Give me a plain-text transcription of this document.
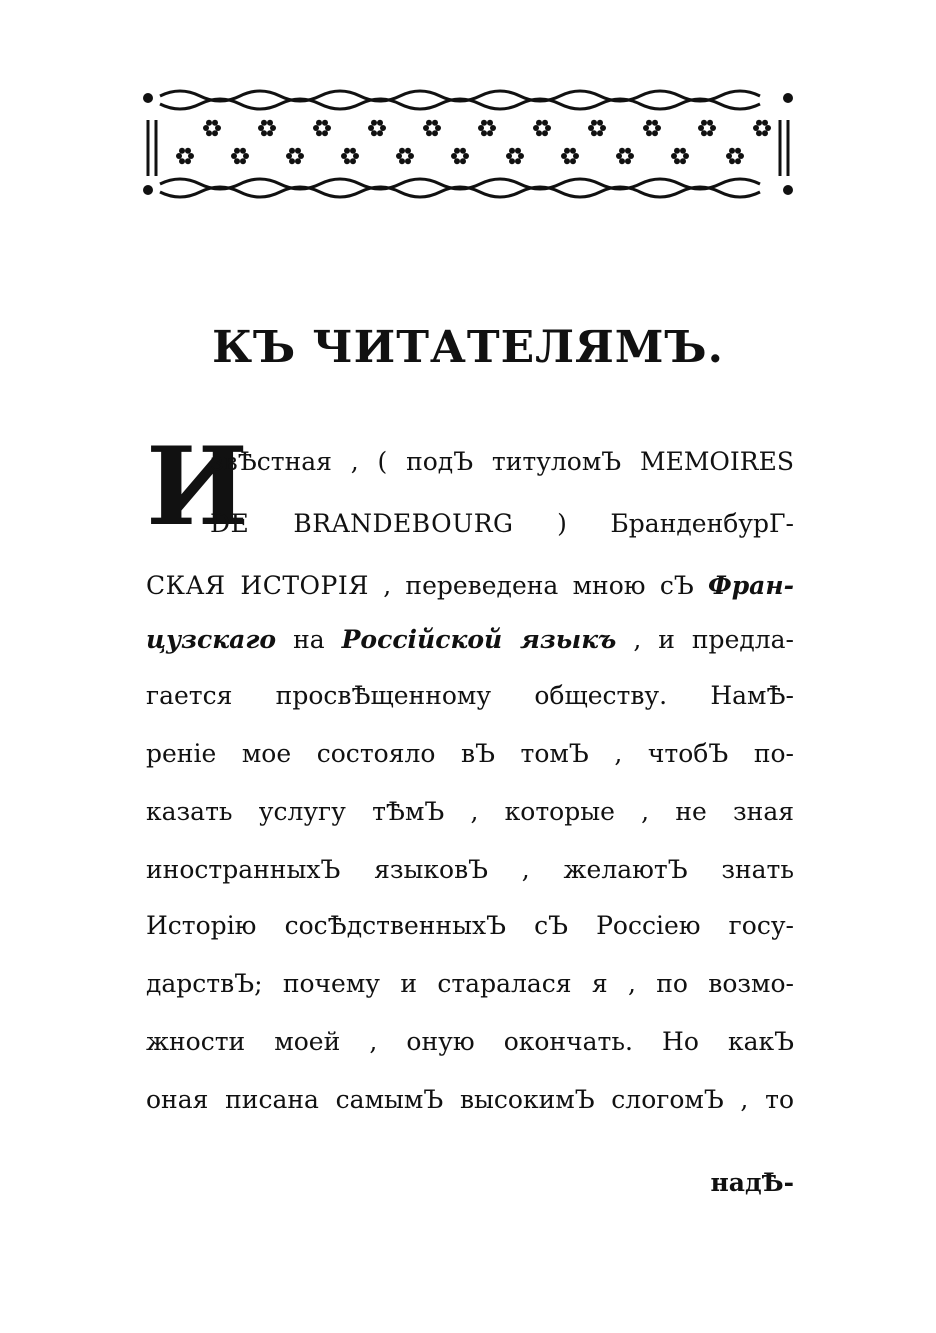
КЪ ЧИТАТЕЛЯМЪ.
И
звѢстная , ( подЪ титуломЪ MEMOIRES
DE BRANDEBOURG ) БранденбурГ-
СКАЯ ИСТОРІЯ , переведена мною сЪ Фран-
цузскаго на Россійской языкъ , и предла-
гается просвѢщенному обществу. НамѢ-
реніе мое состояло вЪ томЪ , чтобЪ по-
казать услугу тѢмЪ , которые , не зная
иностранныхЪ языковЪ , желаютЪ знать
Исторію сосѢдственныхЪ сЪ Россіею госу-
дарствЪ; почему и старалася я , по возмо-
жности моей , оную окончать. Но какЪ
оная писана самымЪ высокимЪ слогомЪ , то
надѢ-
